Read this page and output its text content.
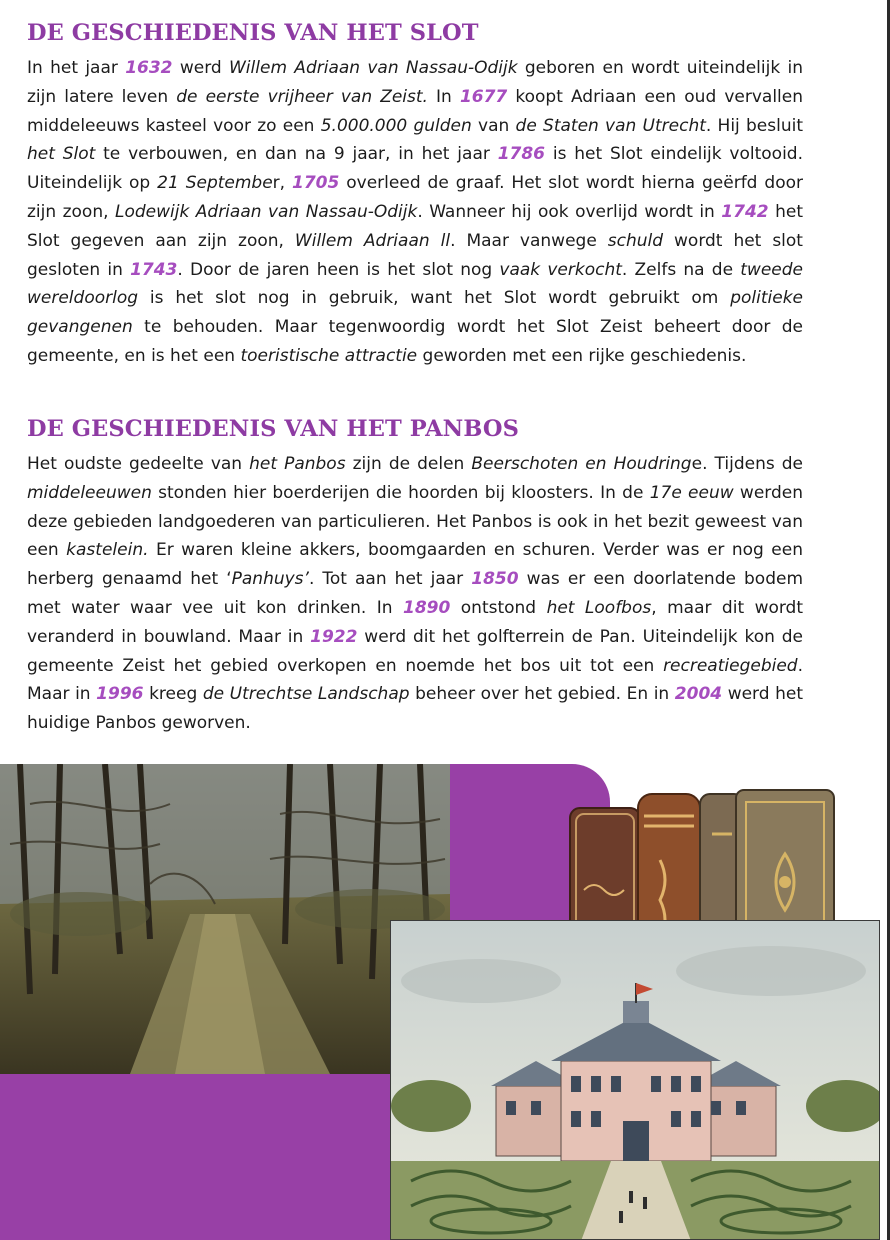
DE GESCHIEDENIS VAN HET SLOT

In het jaar 1632 werd Willem Adriaan van Nassau-Odijk geboren en wordt uiteindelijk in zijn latere leven de eerste vrijheer van Zeist. In 1677 koopt Adriaan een oud vervallen middeleeuws kasteel voor zo een 5.000.000 gulden van de Staten van Utrecht. Hij besluit het Slot te verbouwen, en dan na 9 jaar, in het jaar 1786 is het Slot eindelijk voltooid. Uiteindelijk op 21 September, 1705 overleed de graaf. Het slot wordt hierna geërfd door zijn zoon, Lodewijk Adriaan van Nassau-Odijk. Wanneer hij ook overlijd wordt in 1742 het Slot gegeven aan zijn zoon, Willem Adriaan ll. Maar vanwege schuld wordt het slot gesloten in 1743. Door de jaren heen is het slot nog vaak verkocht. Zelfs na de tweede wereldoorlog is het slot nog in gebruik, want het Slot wordt gebruikt om politieke gevangenen te behouden. Maar tegenwoordig wordt het Slot Zeist beheert door de gemeente, en is het een toeristische attractie geworden met een rijke geschiedenis.

DE GESCHIEDENIS VAN HET PANBOS

Het oudste gedeelte van het Panbos zijn de delen Beerschoten en Houdringe. Tijdens de middeleeuwen stonden hier boerderijen die hoorden bij kloosters. In de 17e eeuw werden deze gebieden landgoederen van particulieren. Het Panbos is ook in het bezit geweest van een kastelein. Er waren kleine akkers, boomgaarden en schuren. Verder was er nog een herberg genaamd het ‘Panhuys’. Tot aan het jaar 1850 was er een doorlatende bodem met water waar vee uit kon drinken. In 1890 ontstond het Loofbos, maar dit wordt veranderd in bouwland. Maar in 1922 werd dit het golfterrein de Pan. Uiteindelijk kon de gemeente Zeist het gebied overkopen en noemde het bos uit tot een recreatiegebied. Maar in 1996 kreeg de Utrechtse Landschap beheer over het gebied. En in 2004 werd het huidige Panbos geworven.
